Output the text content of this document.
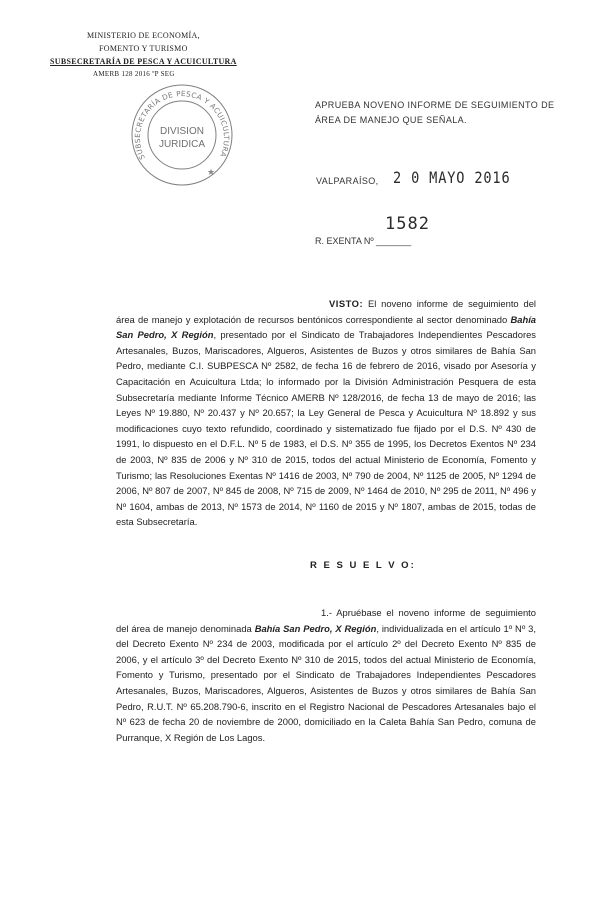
MINISTERIO DE ECONOMÍA,
FOMENTO Y TURISMO
SUBSECRETARÍA DE PESCA Y ACUICULTURA
AMERB 128 2016 ºP SEG
SUBSECRETARÍA DE PESCA Y ACUICULTURA
DIVISION
JURIDICA
★
APRUEBA NOVENO INFORME DE SEGUIMIENTO DE
ÁREA DE MANEJO QUE SEÑALA.
VALPARAÍSO, 2 0 MAYO 2016
1582
R. EXENTA Nº _______
VISTO: El noveno informe de seguimiento del área de manejo y explotación de recursos bentónicos correspondiente al sector denominado Bahía San Pedro, X Región, presentado por el Sindicato de Trabajadores Independientes Pescadores Artesanales, Buzos, Mariscadores, Algueros, Asistentes de Buzos y otros similares de Bahía San Pedro, mediante C.I. SUBPESCA Nº 2582, de fecha 16 de febrero de 2016, visado por Asesoría y Capacitación en Acuicultura Ltda; lo informado por la División Administración Pesquera de esta Subsecretaría mediante Informe Técnico AMERB Nº 128/2016, de fecha 13 de mayo de 2016; las Leyes Nº 19.880, Nº 20.437 y Nº 20.657; la Ley General de Pesca y Acuicultura Nº 18.892 y sus modificaciones cuyo texto refundido, coordinado y sistematizado fue fijado por el D.S. Nº 430 de 1991, lo dispuesto en el D.F.L. Nº 5 de 1983, el D.S. Nº 355 de 1995, los Decretos Exentos Nº 234 de 2003, Nº 835 de 2006 y Nº 310 de 2015, todos del actual Ministerio de Economía, Fomento y Turismo; las Resoluciones Exentas Nº 1416 de 2003, Nº 790 de 2004, Nº 1125 de 2005, Nº 1294 de 2006, Nº 807 de 2007, Nº 845 de 2008, Nº 715 de 2009, Nº 1464 de 2010, Nº 295 de 2011, Nº 496 y Nº 1604, ambas de 2013, Nº 1573 de 2014, Nº 1160 de 2015 y Nº 1807, ambas de 2015, todas de esta Subsecretaría.
R E S U E L V O:
1.- Apruébase el noveno informe de seguimiento del área de manejo denominada Bahía San Pedro, X Región, individualizada en el artículo 1º Nº 3, del Decreto Exento Nº 234 de 2003, modificada por el artículo 2º del Decreto Exento Nº 835 de 2006, y el artículo 3º del Decreto Exento Nº 310 de 2015, todos del actual Ministerio de Economía, Fomento y Turismo, presentado por el Sindicato de Trabajadores Independientes Pescadores Artesanales, Buzos, Mariscadores, Algueros, Asistentes de Buzos y otros similares de Bahía San Pedro, R.U.T. Nº 65.208.790-6, inscrito en el Registro Nacional de Pescadores Artesanales bajo el Nº 623 de fecha 20 de noviembre de 2000, domiciliado en la Caleta Bahía San Pedro, comuna de Purranque, X Región de Los Lagos.
